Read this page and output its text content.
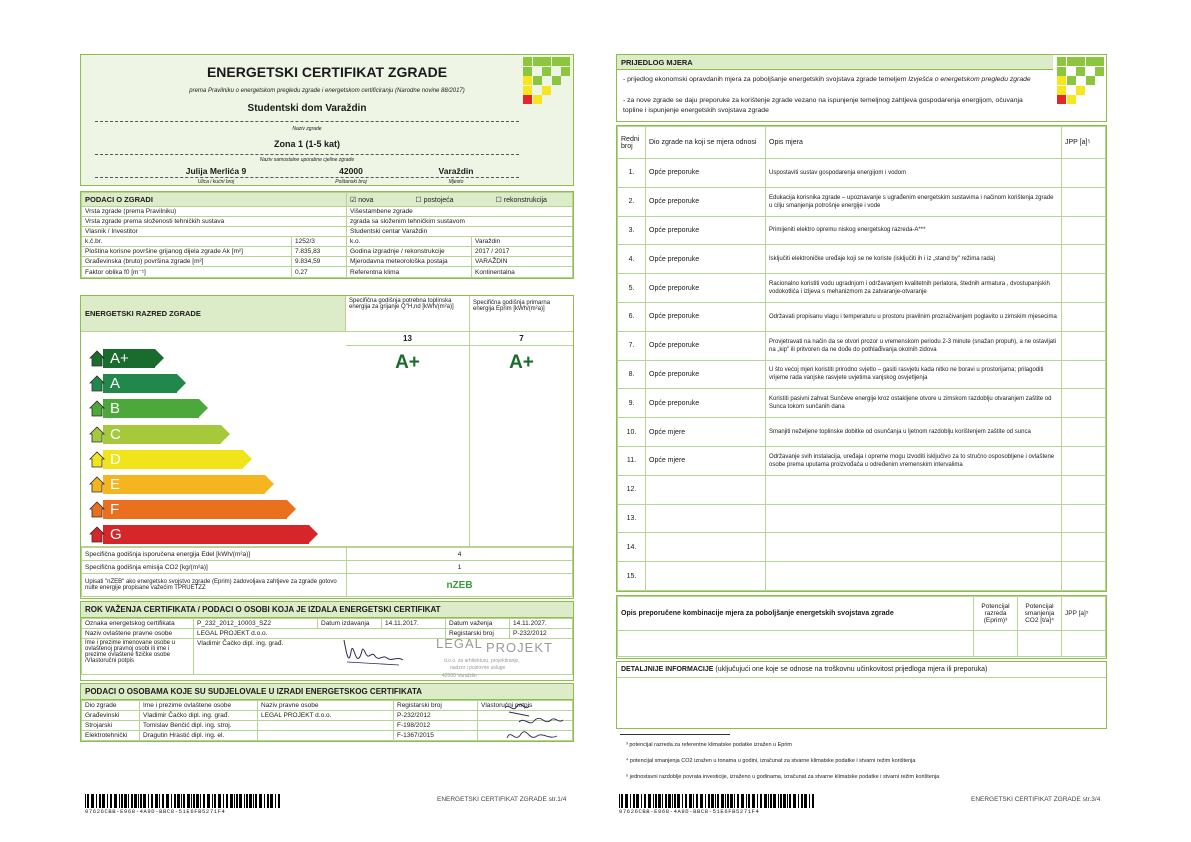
ENERGETSKI CERTIFIKAT ZGRADE
prema Pravilniku o energetskom pregledu zgrade i energetskom certificiranju (Narodne novine 88/2017)
Studentski dom Varaždin
Naziv zgrade
Zona 1 (1-5 kat)
Naziv samostalne uporabne cjeline zgrade
Julija Merlića 9	42000	Varaždin
Ulica i kućni broj	Poštanski broj	Mjesto
PODACI O ZGRADI		☑ nova ☐ postojeća ☐ rekonstrukcija	
Vrsta zgrade (prema Pravilniku)		Višestambene zgrade	
Vrsta zgrade prema složenosti tehničkih sustava		zgrada sa složenim tehničkim sustavom	
Vlasnik / Investitor		Studentski centar Varaždin	
k.č.br.	1252/3	k.o.	Varaždin
Ploština korisne površine grijanog dijela zgrade Ak [m²]	7.835,83	Godina izgradnje / rekonstrukcije	2017 / 2017
Građevinska (bruto) površina zgrade [m²]	9.834,59	Mjerodavna meteorološka postaja	VARAŽDIN
Faktor oblika f0 [m⁻¹]	0,27	Referentna klima	Kontinentalna
ENERGETSKI RAZRED ZGRADE
Specifična godišnja potrebna toplinska energija za grijanje Q''H,nd [kWh/(m²a)]
Specifična godišnja primarna energija Eprim [kWh/(m²a)]
13	7
A+	A+
A+
A
B
C
D
E
F
G
Specifična godišnja isporučena energija Edel [kWh/(m²a)]	4
Specifična godišnja emisija CO2 [kg/(m²a)]	1
Upisati "nZEB" ako energetsko svojstvo zgrade (Eprim) zadovoljava zahtjeve za zgrade gotovo nulte energije propisane važećim TPRUETZZ	nZEB
ROK VAŽENJA CERTIFIKATA / PODACI O OSOBI KOJA JE IZDALA ENERGETSKI CERTIFIKAT
Oznaka energetskog certifikata	P_232_2012_10003_SZ2	Datum izdavanja	14.11.2017.	Datum važenja	14.11.2027.
Naziv ovlaštene pravne osobe	LEGAL PROJEKT d.o.o.			Registarski broj	P-232/2012
Ime i prezime imenovane osobe u ovlaštenoj pravnoj osobi ili ime i prezime ovlaštene fizičke osobe /Vlastoručni potpis	Vladimir Čačko dipl. ing. građ.					LEGAL PROJEKT
d.o.o. za arhitekturu, projektiranje,
nadzor i poslovne usluge
42000 Varaždin
PODACI O OSOBAMA KOJE SU SUDJELOVALE U IZRADI ENERGETSKOG CERTIFIKATA
Dio zgrade	Ime i prezime ovlaštene osobe	Naziv pravne osobe	Registarski broj	Vlastoručni potpis
Građevinski	Vladimir Čačko dipl. ing. građ.	LEGAL PROJEKT d.o.o.	P-232/2012	
Strojarski	Tomislav Benčić dipl. ing. stroj.		F-198/2012	
Elektrotehnički	Dragutin Hrastić dipl. ing. el.		F-1367/2015	
07626CBB-E968-4A9D-BBC8-51E6FB5271F4
ENERGETSKI CERTIFIKAT ZGRADE str.1/4
PRIJEDLOG MJERA
- prijedlog ekonomski opravdanih mjera za poboljšanje energetskih svojstava zgrade temeljem Izvješća o energetskom pregledu zgrade
- za nove zgrade se daju preporuke za korištenje zgrade vezano na ispunjenje temeljnog zahtjeva gospodarenja energijom, očuvanja topline i ispunjenje energetskih svojstava zgrade
Redni broj	Dio zgrade na koji se mjera odnosi	Opis mjera	JPP [a]⁵
1.	Opće preporuke	Uspostaviti sustav gospodarenja energijom i vodom	
2.	Opće preporuke	Edukacija korisnika zgrade – upoznavanje s ugrađenim energetskim sustavima i načinom korištenja zgrade u cilju smanjenja potrošnje energije i vode	
3.	Opće preporuke	Primijeniti elektro opremu niskog energetskog razreda-A***	
4.	Opće preporuke	Isključiti elektroničke uređaje koji se ne koriste (isključiti ih i iz „stand by" režima rada)	
5.	Opće preporuke	Racionalno koristiti vodu ugradnjom i održavanjem kvalitetnih perlatora, štednih armatura , dvostupanjskih vodokotlića i izljeva s mehanizmom za zatvaranje-otvaranje	
6.	Opće preporuke	Održavati propisanu vlagu i temperaturu u prostoru pravilnim prozračivanjem poglavito u zimskim mjesecima	
7.	Opće preporuke	Provjetravati na način da se otvori prozor u vremenskom periodu 2-3 minute (snažan propuh), a ne ostavljati na „kip" ili pritvoren da ne dođe do pothlađivanja okolnih zidova	
8.	Opće preporuke	U što većoj mjeri koristiti prirodno svjetlo – gasiti rasvjetu kada nitko ne boravi u prostorijama; prilagoditi vrijeme rada vanjske rasvjete uvjetima vanjskog osvjetljenja	
9.	Opće preporuke	Koristiti pasivni zahvat Sunčeve energije kroz ostakljene otvore u zimskom razdoblju otvaranjem zaštite od Sunca tokom sunčanih dana	
10.	Opće mjere	Smanjiti neželjene toplinske dobitke od osunčanja u ljetnom razdoblju korištenjem zaštite od sunca	
11.	Opće mjere	Održavanje svih instalacija, uređaja i opreme mogu izvoditi isključivo za to stručno osposobljene i ovlaštene osobe prema uputama proizvođača u određenim vremenskim intervalima	
12.			
13.			
14.			
15.			
Opis preporučene kombinacije mjera za poboljšanje energetskih svojstava zgrade	Potencijal razreda (Eprim)³	Potencijal smanjenja CO2 [t/a]⁴	JPP [a]⁵

DETALJNIJE INFORMACIJE (uključujući one koje se odnose na troškovnu učinkovitost prijedloga mjera ili preporuka)
³ potencijal razreda za referentne klimatske podatke izražen u Eprim
⁴ potencijal smanjenja CO2 izražen u tonama u godini, izračunat za stvarne klimatske podatke i stvarni režim korištenja
⁵ jednostavni razdoblje povrata investicije, izraženo u godinama, izračunat za stvarne klimatske podatke i stvarni režim korištenja
07626CBB-E968-4A9D-BBC8-51E6FB5271F4
ENERGETSKI CERTIFIKAT ZGRADE str.3/4
